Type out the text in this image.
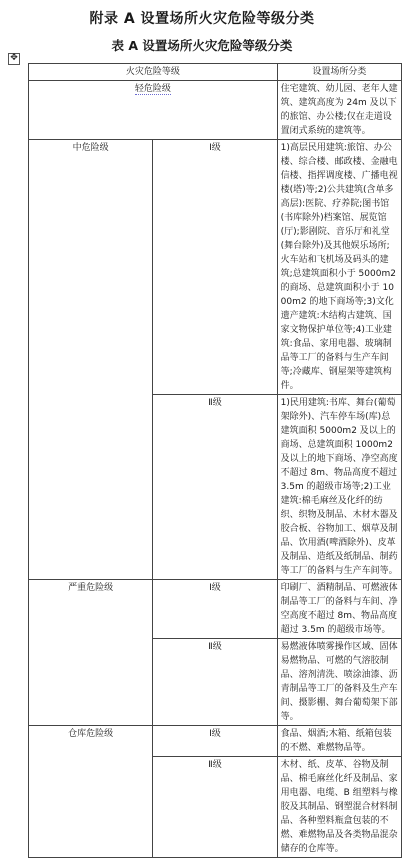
附录 A 设置场所火灾危险等级分类
表 A 设置场所火灾危险等级分类
✥
火灾危险等级		设置场所分类
轻危险级		住宅建筑、幼儿园、老年人建筑、建筑高度为 24m 及以下的旅馆、办公楼;仅在走道设置闭式系统的建筑等。
中危险级	Ⅰ级	1)高层民用建筑:旅馆、办公楼、综合楼、邮政楼、金融电信楼、指挥调度楼、广播电视楼(塔)等;2)公共建筑(含单多高层):医院、疗养院;图书馆(书库除外)档案馆、展览馆(厅);影剧院、音乐厅和礼堂(舞台除外)及其他娱乐场所;火车站和飞机场及码头的建筑;总建筑面积小于 5000m2 的商场、总建筑面积小于 1000m2 的地下商场等;3)文化遗产建筑:木结构古建筑、国家文物保护单位等;4)工业建筑:食品、家用电器、玻璃制品等工厂的备料与生产车间等;冷藏库、钢屋架等建筑构件。
	Ⅱ级	1)民用建筑:书库、舞台(葡萄架除外)、汽车停车场(库)总建筑面积 5000m2 及以上的商场、总建筑面积 1000m2 及以上的地下商场、净空高度不超过 8m、物品高度不超过 3.5m 的超级市场等;2)工业建筑:棉毛麻丝及化纤的纺织、织物及制品、木材木器及胶合板、谷物加工、烟草及制品、饮用酒(啤酒除外)、皮革及制品、造纸及纸制品、制药等工厂的备料与生产车间等。
严重危险级	Ⅰ级	印刷厂、酒精制品、可燃液体制品等工厂的备料与车间、净空高度不超过 8m、物品高度超过 3.5m 的超级市场等。
	Ⅱ级	易燃液体喷雾操作区域、固体易燃物品、可燃的气溶胶制品、溶剂清洗、喷涂油漆、沥青制品等工厂的备料及生产车间、摄影棚、舞台葡萄架下部等。
仓库危险级	Ⅰ级	食品、烟酒;木箱、纸箱包装的不燃、难燃物品等。
	Ⅱ级	木材、纸、皮革、谷物及制品、棉毛麻丝化纤及制品、家用电器、电缆、B 组塑料与橡胶及其制品、钢塑混合材料制品、各种塑料瓶盒包装的不燃、难燃物品及各类物品混杂储存的仓库等。
